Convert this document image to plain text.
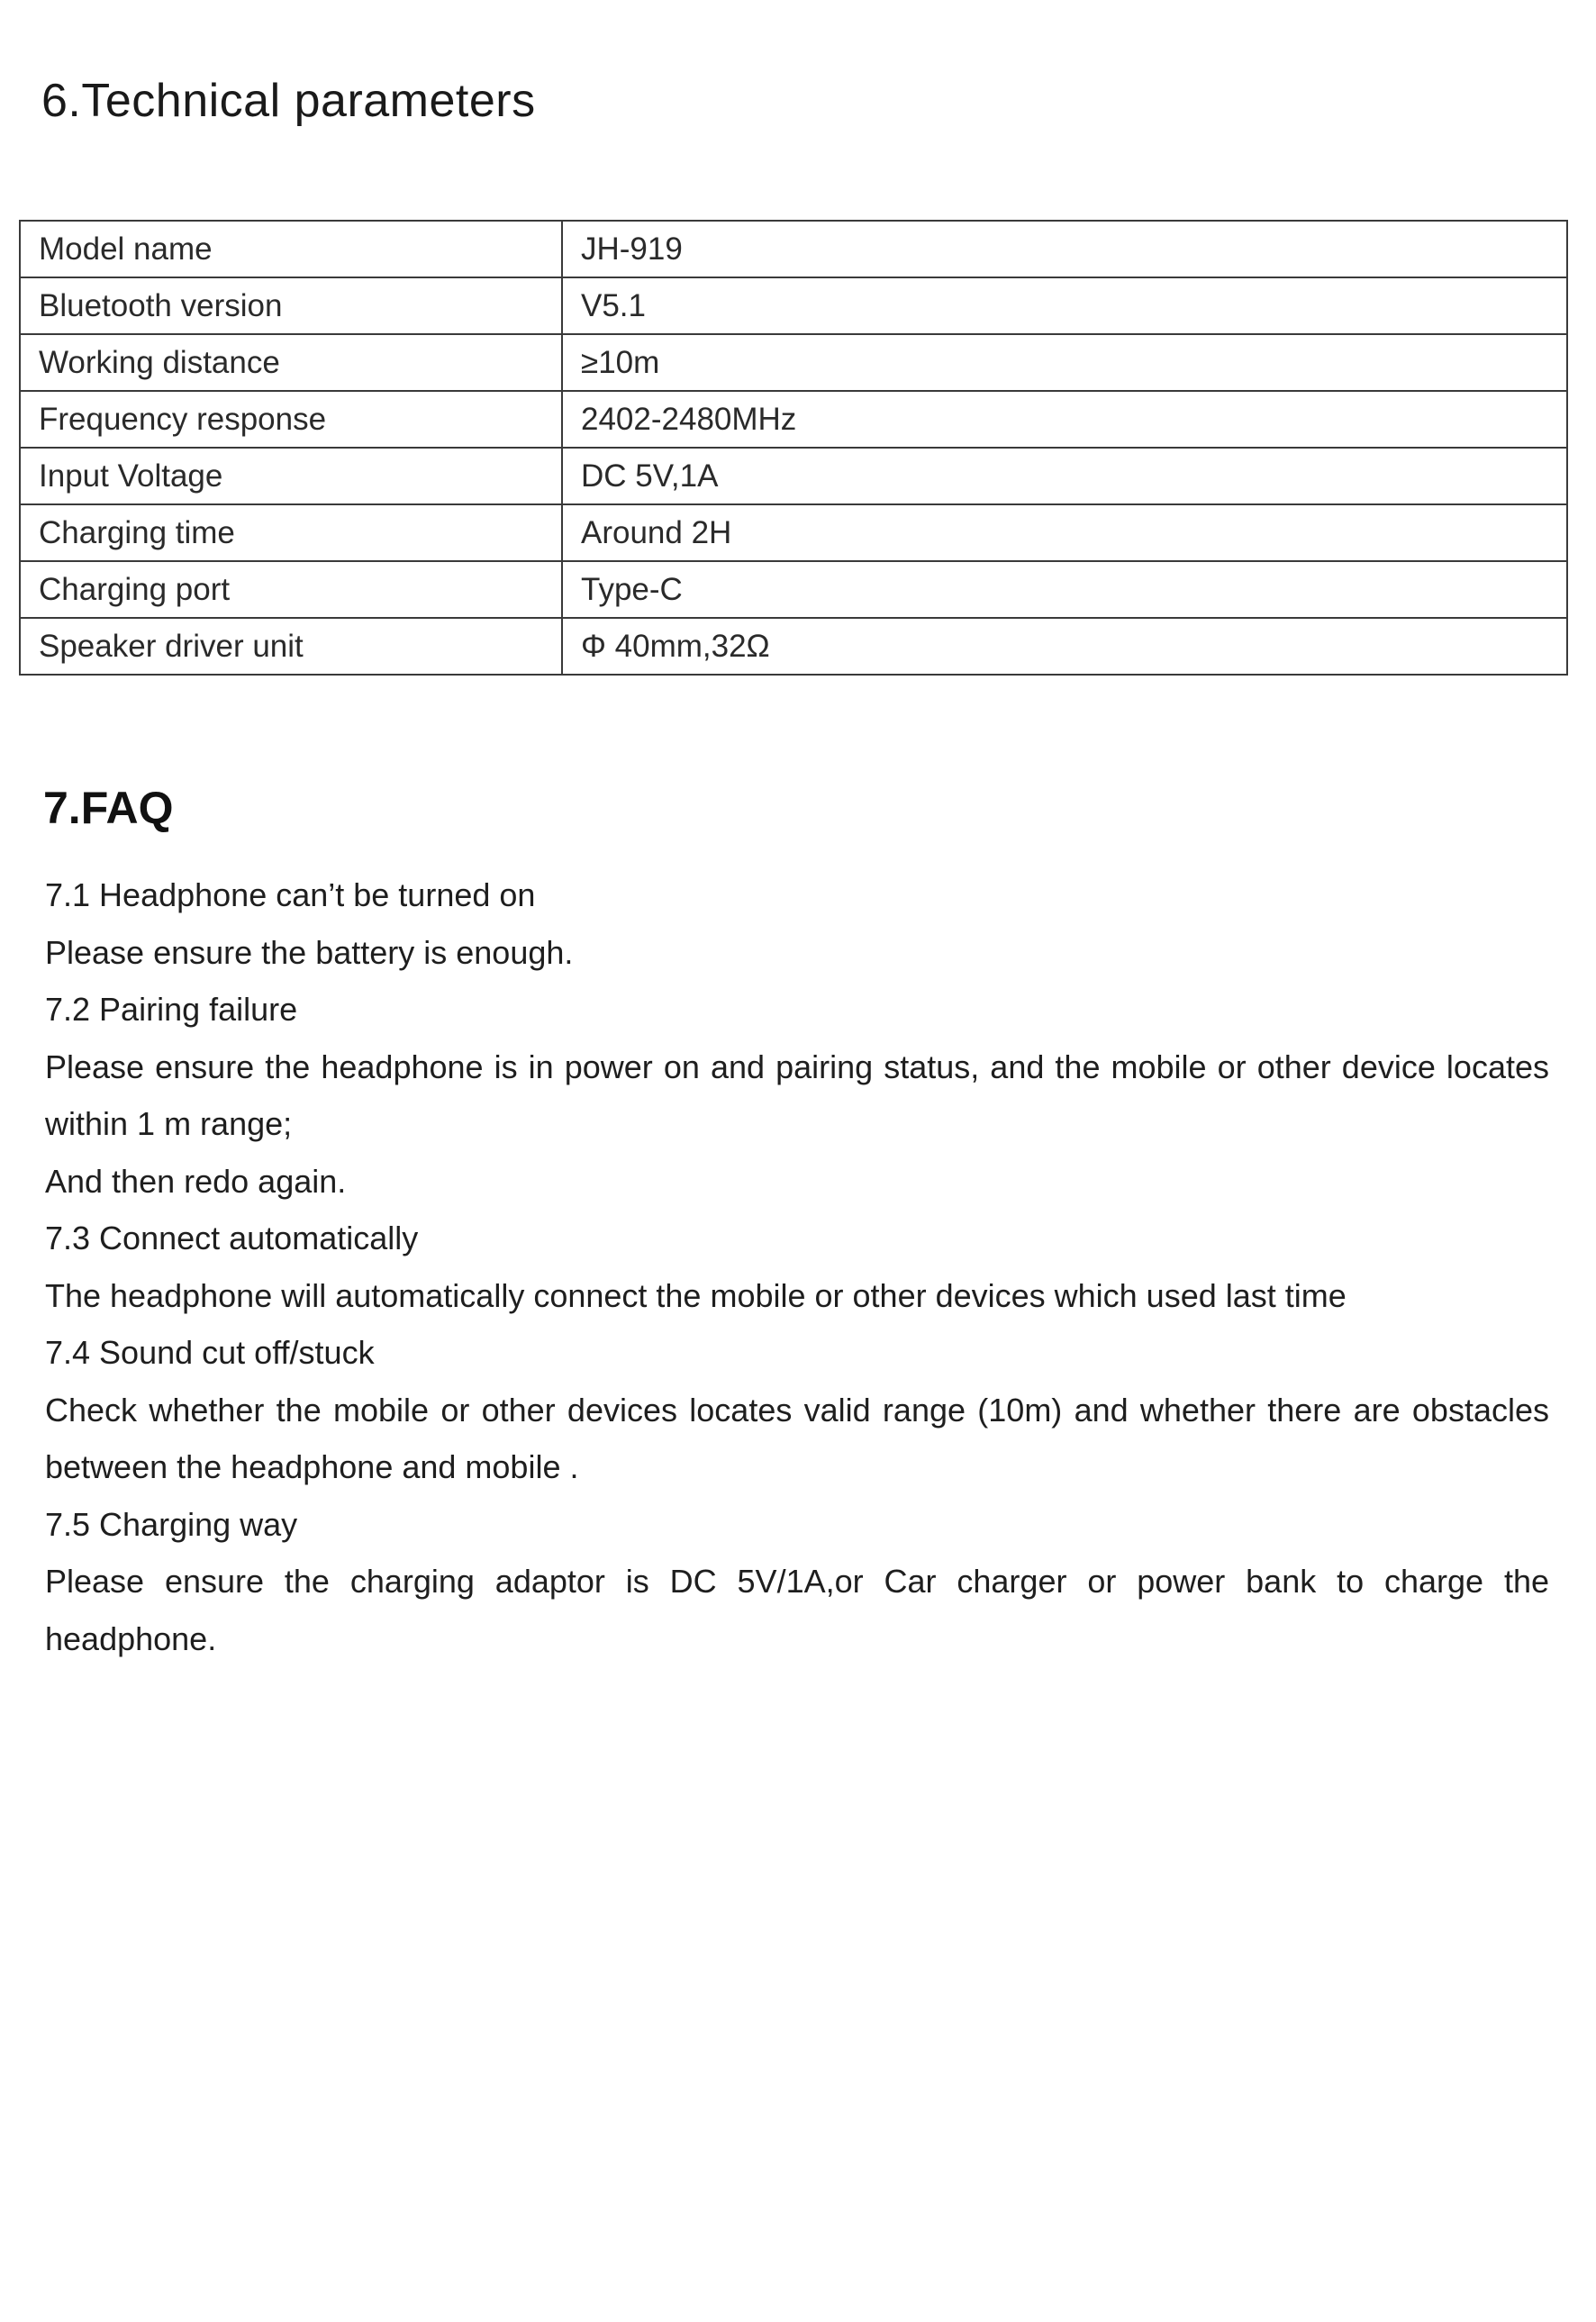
6.Technical parameters
Model name	JH-919
Bluetooth version	V5.1
Working distance	≥10m
Frequency response	2402-2480MHz
Input Voltage	DC 5V,1A
Charging time	Around 2H
Charging port	Type-C
Speaker driver unit	Φ 40mm,32Ω
7.FAQ

7.1 Headphone can’t be turned on

Please ensure the battery is enough.

7.2 Pairing failure

Please ensure the headphone is in power on and pairing status, and the mobile or other device locates within 1 m range;

And then redo again.

7.3 Connect automatically

The headphone will automatically connect the mobile or other devices which used last time

7.4 Sound cut off/stuck

Check whether the mobile or other devices locates valid range (10m) and whether there are obstacles between the headphone and mobile .

7.5 Charging way

Please ensure the charging adaptor is DC 5V/1A,or Car charger or power bank to charge the headphone.
